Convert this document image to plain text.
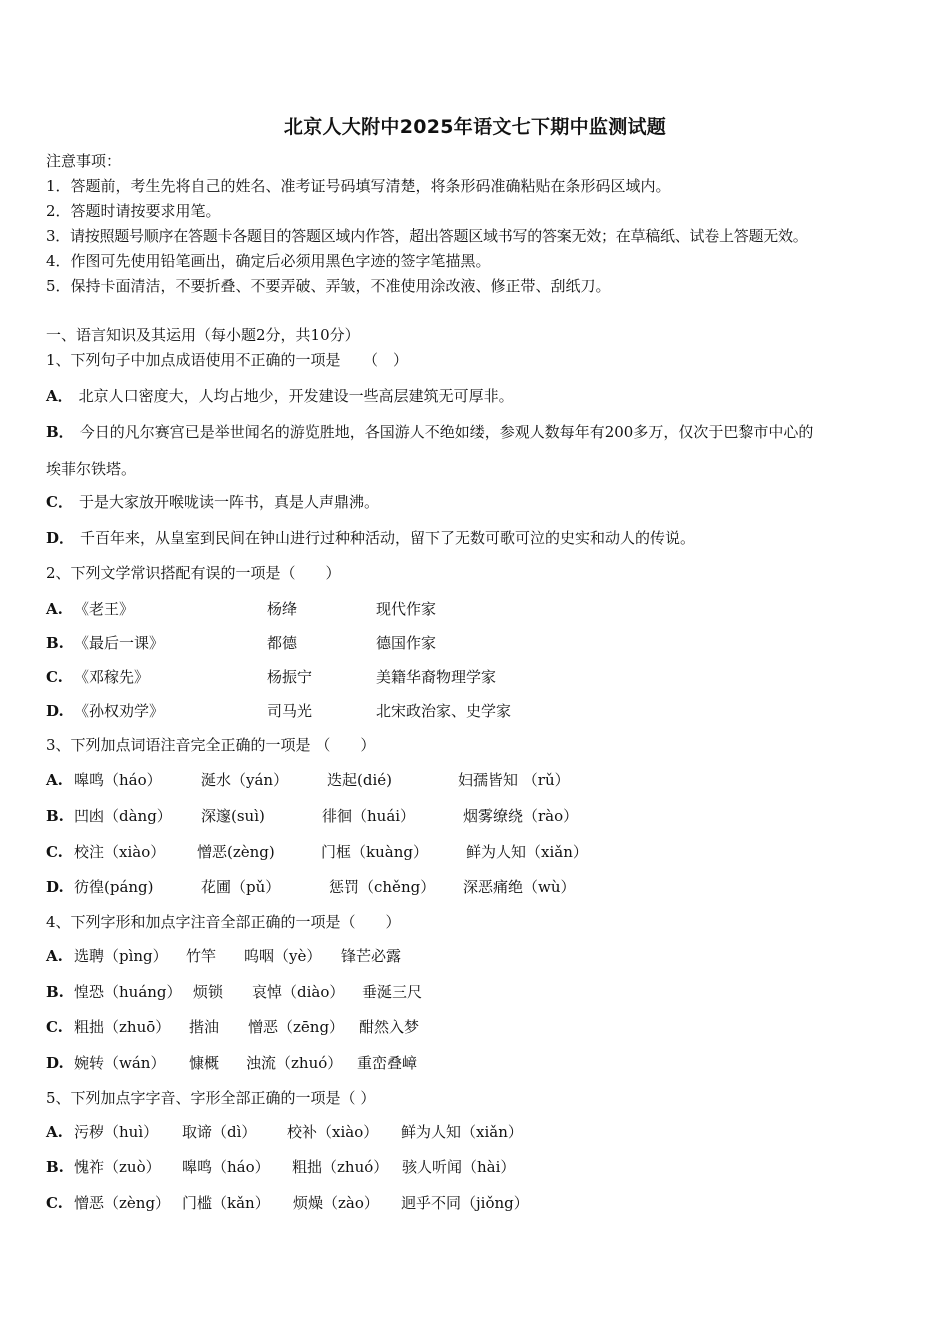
北京人大附中2025年语文七下期中监测试题
注意事项：
1．答题前，考生先将自己的姓名、准考证号码填写清楚，将条形码准确粘贴在条形码区域内。
2．答题时请按要求用笔。
3．请按照题号顺序在答题卡各题目的答题区域内作答，超出答题区域书写的答案无效；在草稿纸、试卷上答题无效。
4．作图可先使用铅笔画出，确定后必须用黑色字迹的签字笔描黑。
5．保持卡面清洁，不要折叠、不要弄破、弄皱，不准使用涂改液、修正带、刮纸刀。
一、语言知识及其运用（每小题2分，共10分）
1、下列句子中加点成语使用不正确的一项是　　（　）
A． 北京人口密度大，人均占地少，开发建设一些高层建筑无可厚非。
B． 今日的凡尔赛宫已是举世闻名的游览胜地，各国游人不绝如缕，参观人数每年有200多万，仅次于巴黎市中心的
埃菲尔铁塔。
C． 于是大家放开喉咙读一阵书，真是人声鼎沸。
D． 千百年来，从皇室到民间在钟山进行过种种活动，留下了无数可歌可泣的史实和动人的传说。
2、下列文学常识搭配有误的一项是（　　）
A. 《老王》	杨绛	现代作家
B. 《最后一课》	都德	德国作家
C. 《邓稼先》	杨振宁	美籍华裔物理学家
D. 《孙权劝学》	司马光	北宋政治家、史学家
3、下列加点词语注音完全正确的一项是 （　　）
A. 嗥鸣（háo）	涎水（yán）	迭起(dié)	妇孺皆知 （rǔ）
B. 凹凼（dàng） 深邃(suì)	徘徊（huái）	烟雾缭绕（rào）
C. 校注（xiào） 憎恶(zèng)	门框（kuàng）	鲜为人知（xiǎn）
D. 彷徨(páng)	花圃（pǔ）	惩罚（chěng） 深恶痛绝（wù）
4、下列字形和加点字注音全部正确的一项是（　　）
A. 选聘（pìng） 竹竿 呜咽（yè） 锋芒必露
B. 惶恐（huáng） 烦锁 哀悼（diào） 垂涎三尺
C. 粗拙（zhuō） 揩油 憎恶（zēng） 酣然入梦
D. 婉转（wán） 慷概 浊流（zhuó） 重峦叠嶂
5、下列加点字字音、字形全部正确的一项是（ ）
A. 污秽（huì） 取谛（dì） 校补（xiào） 鲜为人知（xiǎn）
B. 愧祚（zuò） 嗥鸣（háo） 粗拙（zhuó） 骇人听闻（hài）
C. 憎恶（zèng） 门槛（kǎn） 烦燥（zào） 迥乎不同（jiǒng）
